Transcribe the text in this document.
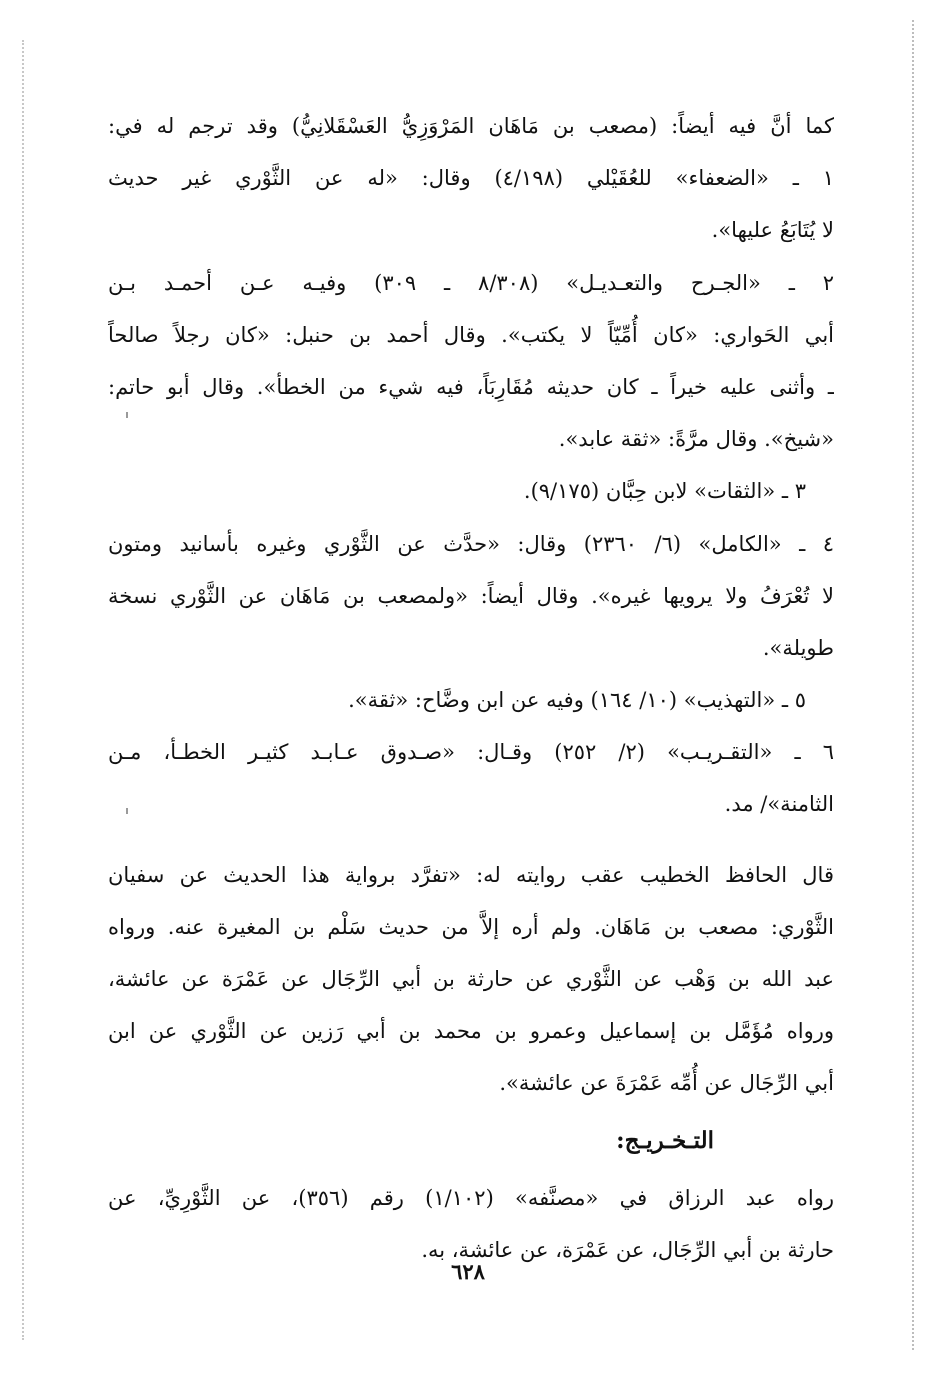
كما أنَّ فيه أيضاً: (مصعب بن مَاهَان المَرْوَزِيُّ العَسْقَلانِيُّ) وقد ترجم له في:
١ ـ «الضعفاء» للعُقَيْلي (٤/١٩٨) وقال: «له عن الثَّوْري غير حديث
لا يُتَابَعُ عليها».
٢ ـ «الجـرح والتعـديـل» (٨/٣٠٨ ـ ٣٠٩) وفيـه عـن أحمـد بـن
أبي الحَواري: «كان أُمِّيّاً لا يكتب». وقال أحمد بن حنبل: «كان رجلاً صالحاً
ـ وأثنى عليه خيراً ـ كان حديثه مُقَارِبَاً، فيه شيء من الخطأ». وقال أبو حاتم:
«شيخ». وقال مرَّةً: «ثقة عابد».
٣ ـ «الثقات» لابن حِبَّان (٩/١٧٥).
٤ ـ «الكامل» (٦/ ٢٣٦٠) وقال: «حدَّث عن الثَّوْري وغيره بأسانيد ومتون
لا تُعْرَفُ ولا يرويها غيره». وقال أيضاً: «ولمصعب بن مَاهَان عن الثَّوْري نسخة
طويلة».
٥ ـ «التهذيب» (١٠/ ١٦٤) وفيه عن ابن وضَّاح: «ثقة».
٦ ـ «التقـريـب» (٢/ ٢٥٢) وقـال: «صـدوق عـابـد كثيـر الخطـأ، مـن
الثامنة»/ مد.
قال الحافظ الخطيب عقب روايته له: «تفرَّد برواية هذا الحديث عن سفيان
الثَّوْري: مصعب بن مَاهَان. ولم أره إلاَّ من حديث سَلْم بن المغيرة عنه. ورواه
عبد الله بن وَهْب عن الثَّوْري عن حارثة بن أبي الرِّجَال عن عَمْرَة عن عائشة،
ورواه مُؤَمَّل بن إسماعيل وعمرو بن محمد بن أبي رَزين عن الثَّوْري عن ابن
أبي الرِّجَال عن أُمِّه عَمْرَةَ عن عائشة».
التـخـريـج:
رواه عبد الرزاق في «مصنَّفه» (١/١٠٢) رقم (٣٥٦)، عن الثَّوْرِيِّ، عن
حارثة بن أبي الرِّجَال، عن عَمْرَة، عن عائشة، به.
٦٢٨
